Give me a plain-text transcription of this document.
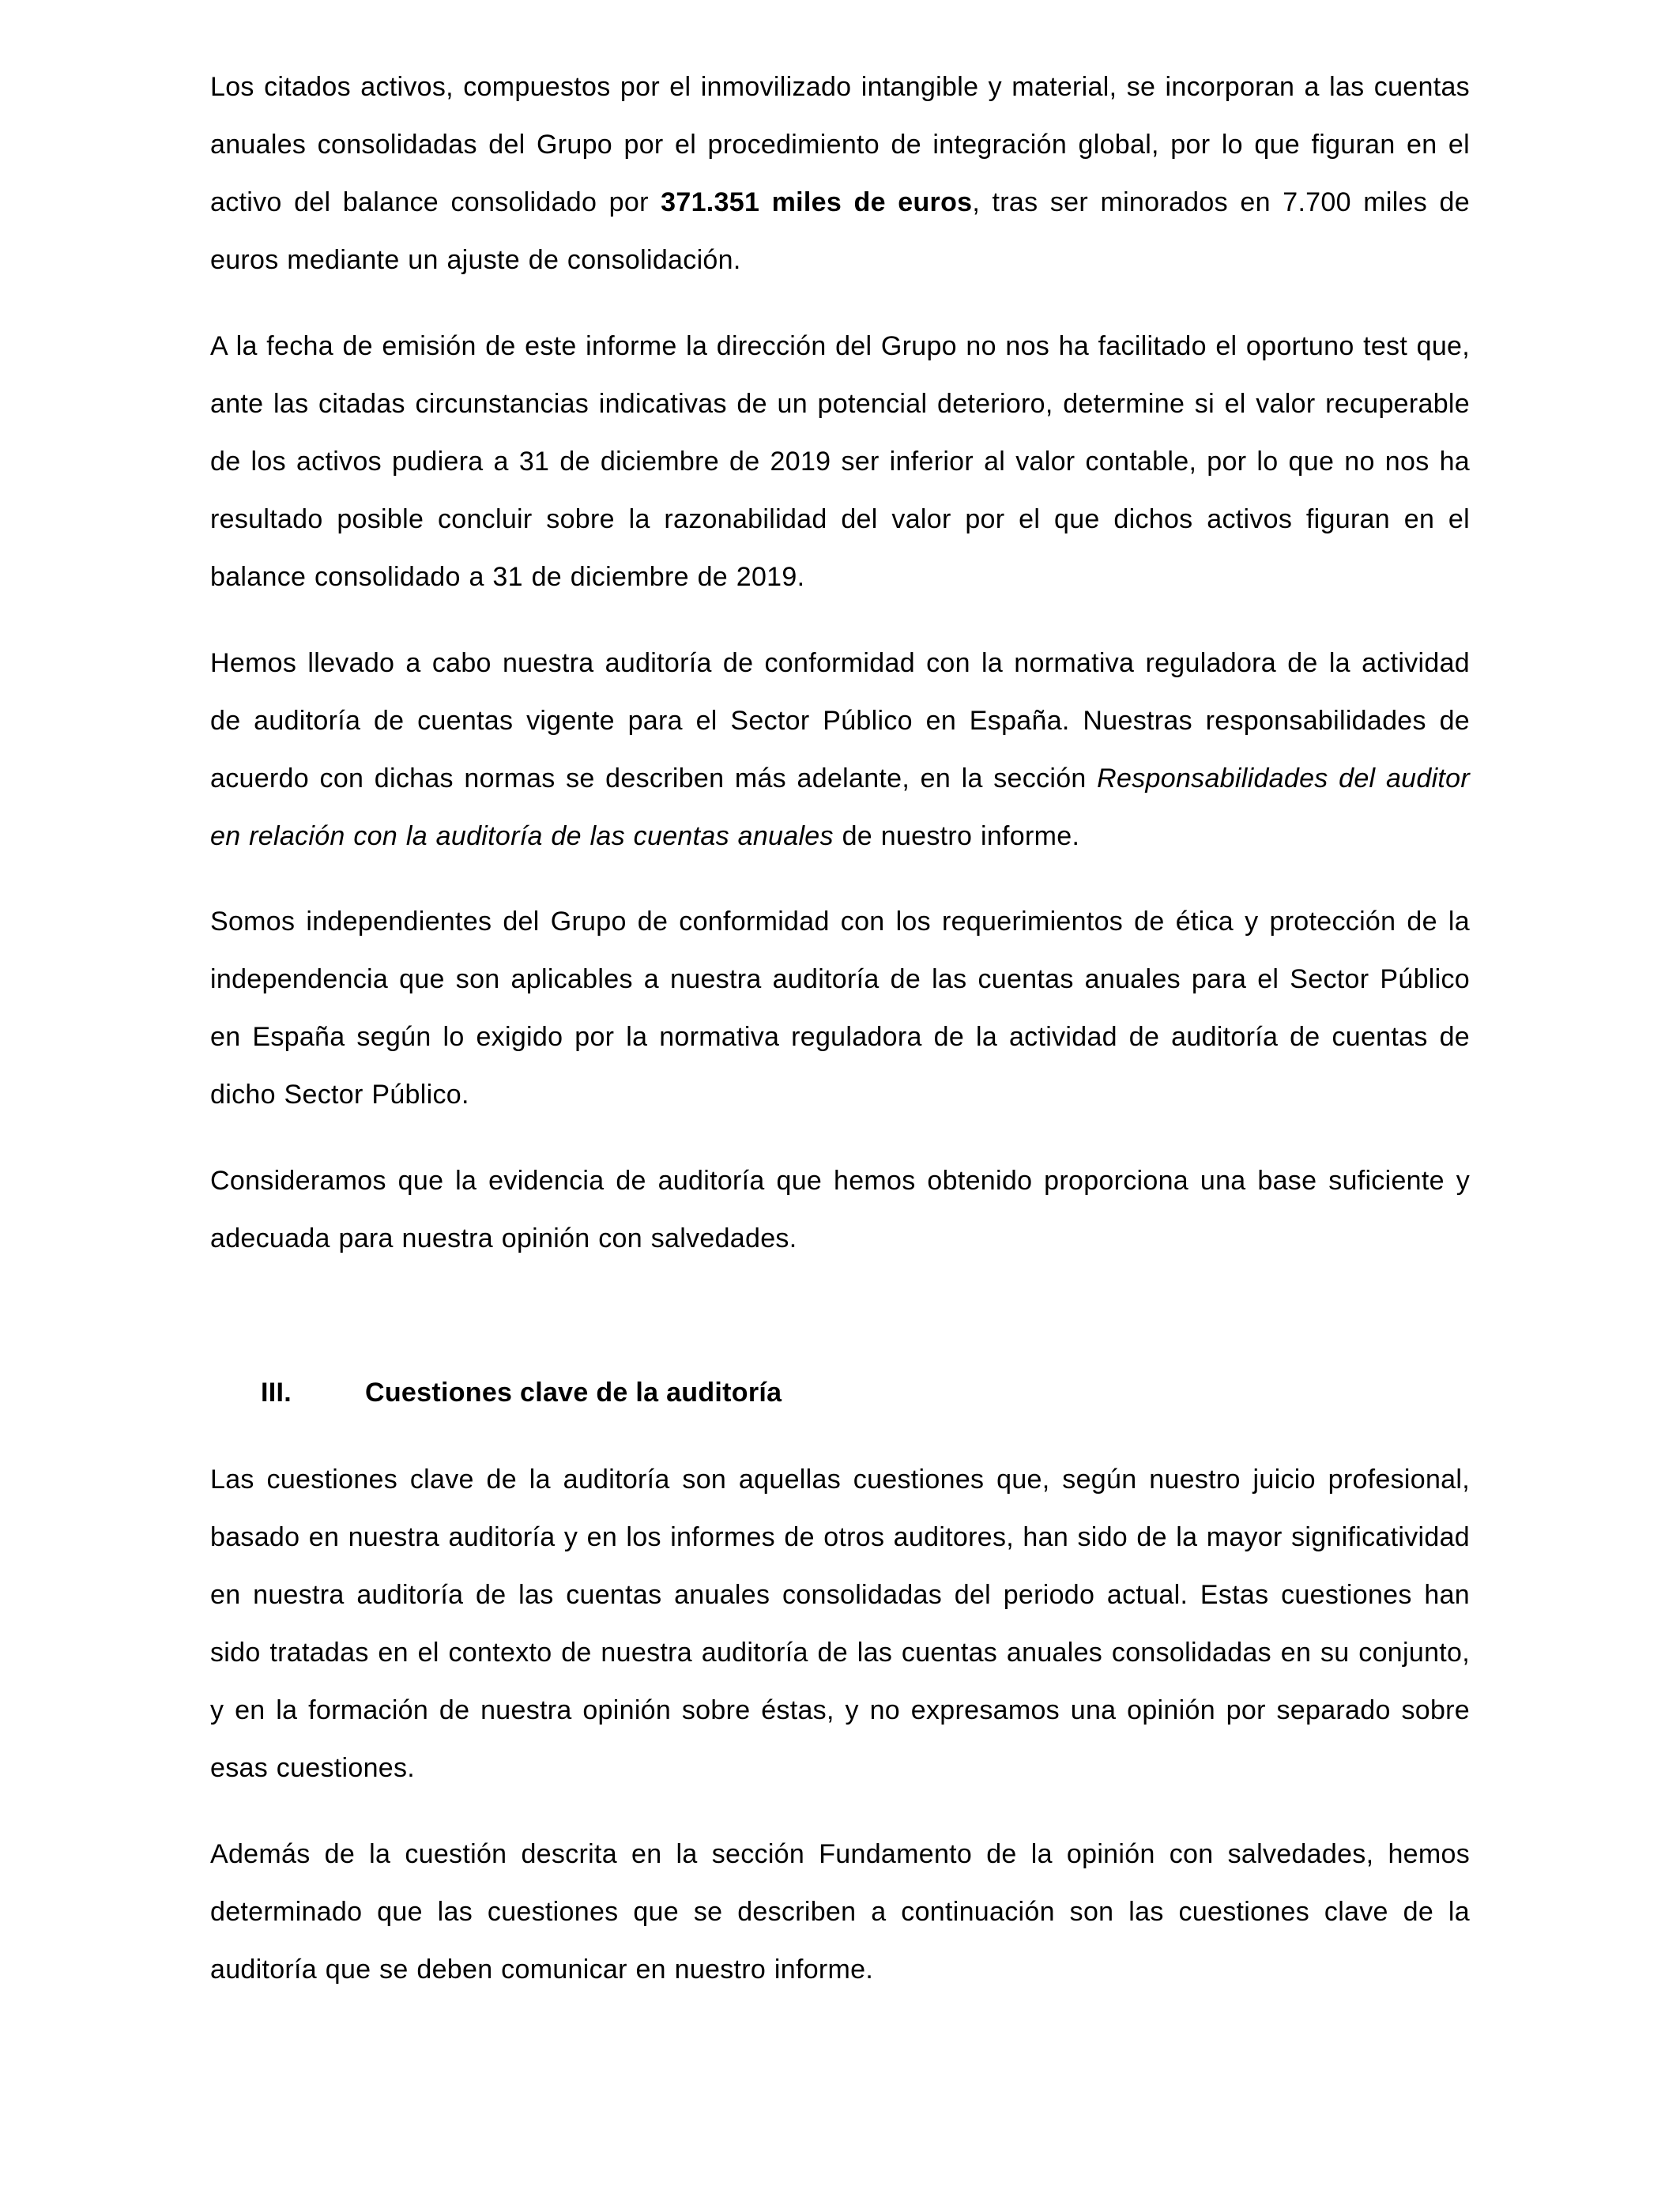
Los citados activos, compuestos por el inmovilizado intangible y material, se incorporan a las cuentas anuales consolidadas del Grupo por el procedimiento de integración global, por lo que figuran en el activo del balance consolidado por 371.351 miles de euros, tras ser minorados en 7.700 miles de euros mediante un ajuste de consolidación.

A la fecha de emisión de este informe la dirección del Grupo no nos ha facilitado el oportuno test que, ante las citadas circunstancias indicativas de un potencial deterioro, determine si el valor recuperable de los activos pudiera a 31 de diciembre de 2019 ser inferior al valor contable, por lo que no nos ha resultado posible concluir sobre la razonabilidad del valor por el que dichos activos figuran en el balance consolidado a 31 de diciembre de 2019.

Hemos llevado a cabo nuestra auditoría de conformidad con la normativa reguladora de la actividad de auditoría de cuentas vigente para el Sector Público en España. Nuestras responsabilidades de acuerdo con dichas normas se describen más adelante, en la sección Responsabilidades del auditor en relación con la auditoría de las cuentas anuales de nuestro informe.

Somos independientes del Grupo de conformidad con los requerimientos de ética y protección de la independencia que son aplicables a nuestra auditoría de las cuentas anuales para el Sector Público en España según lo exigido por la normativa reguladora de la actividad de auditoría de cuentas de dicho Sector Público.

Consideramos que la evidencia de auditoría que hemos obtenido proporciona una base suficiente y adecuada para nuestra opinión con salvedades.

III.	Cuestiones clave de la auditoría

Las cuestiones clave de la auditoría son aquellas cuestiones que, según nuestro juicio profesional, basado en nuestra auditoría y en los informes de otros auditores, han sido de la mayor significatividad en nuestra auditoría de las cuentas anuales consolidadas del periodo actual. Estas cuestiones han sido tratadas en el contexto de nuestra auditoría de las cuentas anuales consolidadas en su conjunto, y en la formación de nuestra opinión sobre éstas, y no expresamos una opinión por separado sobre esas cuestiones.

Además de la cuestión descrita en la sección Fundamento de la opinión con salvedades, hemos determinado que las cuestiones que se describen a continuación son las cuestiones clave de la auditoría que se deben comunicar en nuestro informe.
